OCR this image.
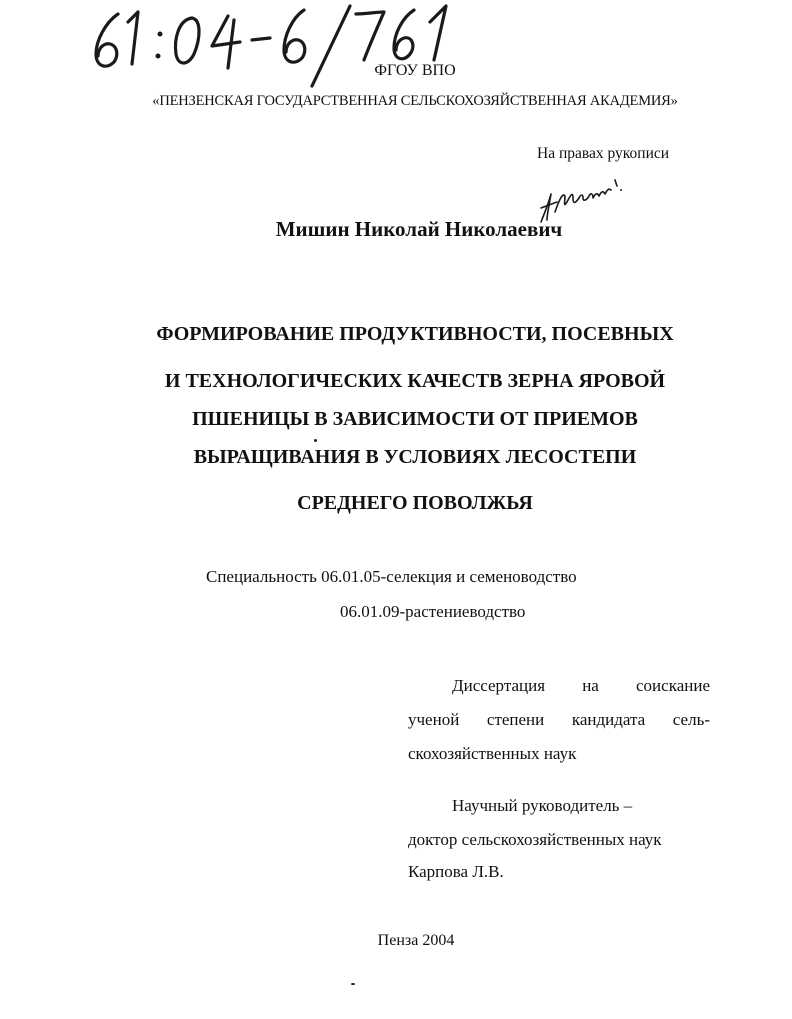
ФГОУ ВПО
«ПЕНЗЕНСКАЯ ГОСУДАРСТВЕННАЯ СЕЛЬСКОХОЗЯЙСТВЕННАЯ АКАДЕМИЯ»
На правах рукописи
Мишин Николай Николаевич
ФОРМИРОВАНИЕ ПРОДУКТИВНОСТИ, ПОСЕВНЫХ
И ТЕХНОЛОГИЧЕСКИХ КАЧЕСТВ ЗЕРНА ЯРОВОЙ
ПШЕНИЦЫ В ЗАВИСИМОСТИ ОТ ПРИЕМОВ
ВЫРАЩИВАНИЯ В УСЛОВИЯХ ЛЕСОСТЕПИ
СРЕДНЕГО ПОВОЛЖЬЯ
Специальность 06.01.05-селекция и семеноводство
06.01.09-растениеводство
Диссертация на соискание
ученой степени кандидата сель-
скохозяйственных наук
Научный руководитель –
доктор сельскохозяйственных наук
Карпова Л.В.
Пенза 2004
